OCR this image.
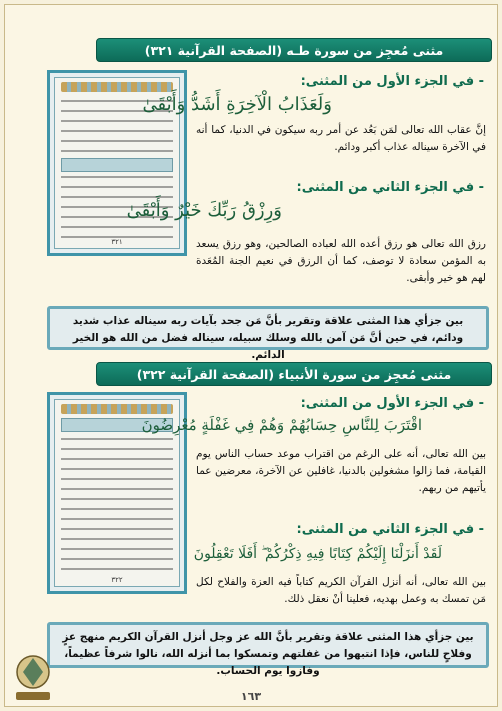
مثنى مُعجِز من سورة طـه (الصفحة القرآنية ٣٢١)
٣٢١
- في الجزء الأول من المثنى:
وَلَعَذَابُ الْآخِرَةِ أَشَدُّ وَأَبْقَىٰ
إنَّ عقاب الله تعالى لمَن بَعُد عن أمر ربه سيكون في الدنيا، كما أنه في الآخرة سيناله عذاب أكبر ودائم.
- في الجزء الثاني من المثنى:
وَرِزْقُ رَبِّكَ خَيْرٌ وَأَبْقَىٰ
رزق الله تعالى هو رزق أعده الله لعباده الصالحين، وهو رزق يسعد به المؤمن سعادة لا توصف، كما أن الرزق في نعيم الجنة المُعَدة لهم هو خير وأبقى.
بين جزأي هذا المثنى علاقة وتقرير بأنَّ مَن جحد بآيات ربه سيناله عذاب شديد ودائم، في حين أنَّ مَن آمن بالله وسلك سبيله، سيناله فضل من الله هو الخير الدائم.
مثنى مُعجِز من سورة الأنبياء (الصفحة القرآنية ٣٢٢)
٣٢٢
- في الجزء الأول من المثنى:
اقْتَرَبَ لِلنَّاسِ حِسَابُهُمْ وَهُمْ فِي غَفْلَةٍ مُعْرِضُونَ
بين الله تعالى، أنه على الرغم من اقتراب موعد حساب الناس يوم القيامة، فما زالوا مشغولين بالدنيا، غافلين عن الآخرة، معرضين عما يأتيهم من ربهم.
- في الجزء الثاني من المثنى:
لَقَدْ أَنزَلْنَا إِلَيْكُمْ كِتَابًا فِيهِ ذِكْرُكُمْ ۖ أَفَلَا تَعْقِلُونَ
بين الله تعالى، أنه أنزل القرآن الكريم كتاباً فيه العزة والفلاح لكل مَن تمسك به وعمل بهديه، فعلينا أنْ نعقل ذلك.
بين جزأي هذا المثنى علاقة وتقرير بأنَّ الله عز وجل أنزل القرآن الكريم منهج عزٍ وفلاحٍ للناس، فإذا انتبهوا من غفلتهم وتمسكوا بما أنزله الله، نالوا شرفاً عظيماً، وفازوا يوم الحساب.
١٦٣
